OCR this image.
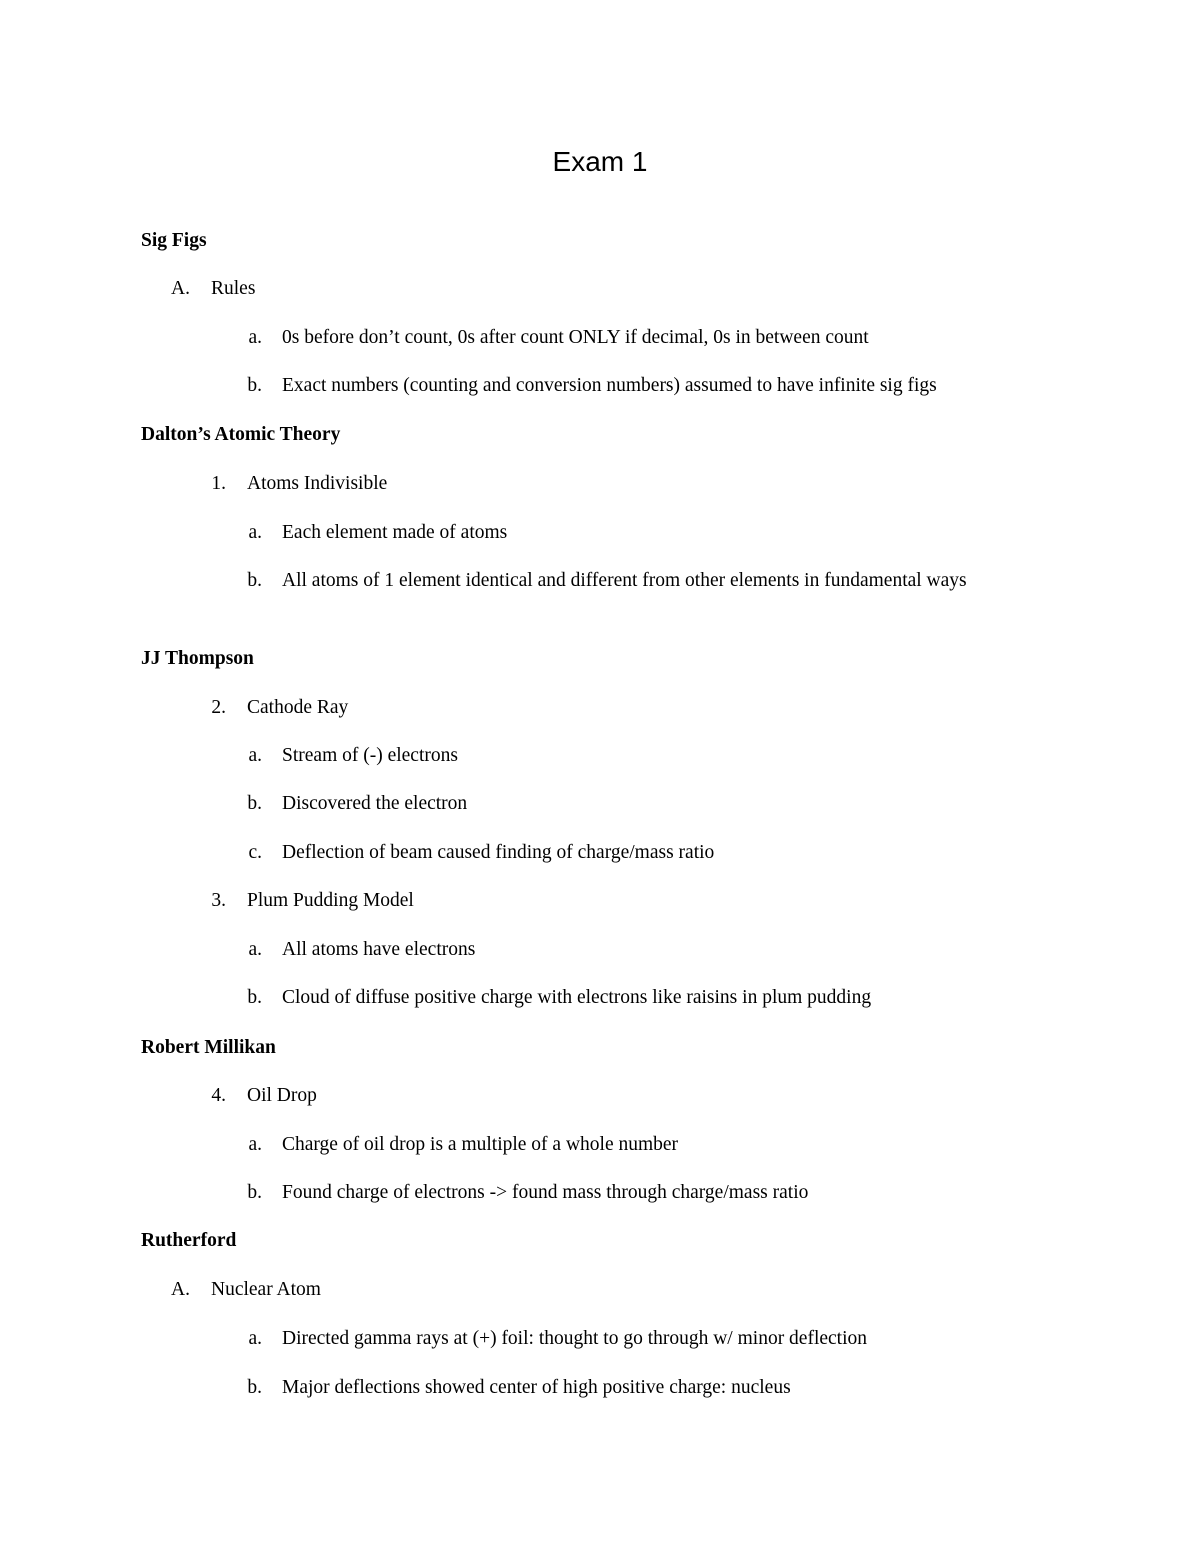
Exam 1
Sig Figs
A. Rules
a. 0s before don’t count, 0s after count ONLY if decimal, 0s in between count
b. Exact numbers (counting and conversion numbers) assumed to have infinite sig figs
Dalton’s Atomic Theory
1. Atoms Indivisible
a. Each element made of atoms
b. All atoms of 1 element identical and different from other elements in fundamental ways
JJ Thompson
2. Cathode Ray
a. Stream of (-) electrons
b. Discovered the electron
c. Deflection of beam caused finding of charge/mass ratio
3. Plum Pudding Model
a. All atoms have electrons
b. Cloud of diffuse positive charge with electrons like raisins in plum pudding
Robert Millikan
4. Oil Drop
a. Charge of oil drop is a multiple of a whole number
b. Found charge of electrons -> found mass through charge/mass ratio
Rutherford
A. Nuclear Atom
a. Directed gamma rays at (+) foil: thought to go through w/ minor deflection
b. Major deflections showed center of high positive charge: nucleus
